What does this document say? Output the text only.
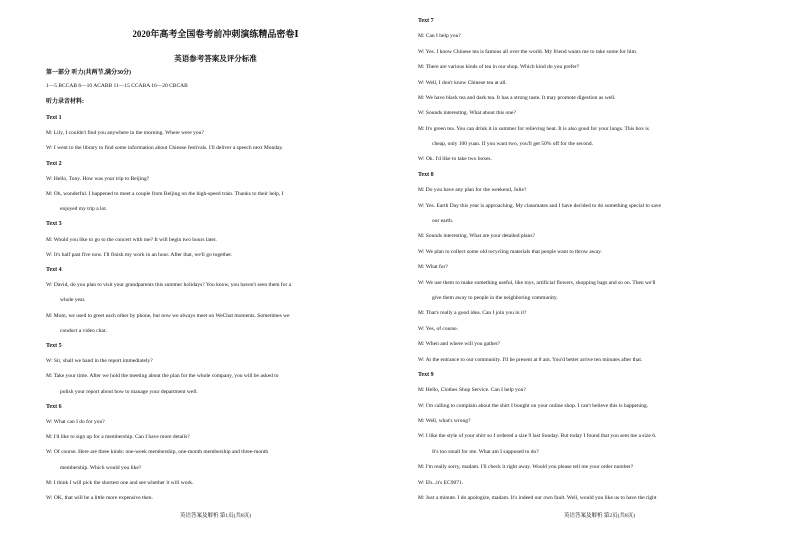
2020年高考全国卷考前冲刺演练精品密卷Ⅰ
英语参考答案及评分标准
第一部分 听力(共两节,满分30分)
1—5 BCCAB 6—10 ACABB 11—15 CCABA 16—20 CBCAB
听力录音材料:
Text 1
M: Lily, I couldn't find you anywhere in the morning. Where were you?
W: I went to the library to find some information about Chinese festivals. I'll deliver a speech next Monday.
Text 2
W: Hello, Tony. How was your trip to Beijing?
M: Oh, wonderful. I happened to meet a couple from Beijing on the high-speed train. Thanks to their help, I
enjoyed my trip a lot.
Text 3
M: Would you like to go to the concert with me? It will begin two hours later.
W: It's half past five now. I'll finish my work in an hour. After that, we'll go together.
Text 4
W: David, do you plan to visit your grandparents this summer holidays? You know, you haven't seen them for a
whole year.
M: Mom, we used to greet each other by phone, but now we always meet on WeChat moments. Sometimes we
conduct a video chat.
Text 5
W: Sir, shall we hand in the report immediately?
M: Take your time. After we hold the meeting about the plan for the whole company, you will be asked to
polish your report about how to manage your department well.
Text 6
W: What can I do for you?
M: I'd like to sign up for a membership. Can I have more details?
W: Of course. Here are three kinds: one-week membership, one-month membership and three-month
membership. Which would you like?
M: I think I will pick the shortest one and see whether it will work.
W: OK, that will be a little more expensive then.
英语答案及解析 第1页(共8页)
Text 7
M: Can I help you?
W: Yes. I know Chinese tea is famous all over the world. My friend wants me to take some for him.
M: There are various kinds of tea in our shop. Which kind do you prefer?
W: Well, I don't know Chinese tea at all.
M: We have black tea and dark tea. It has a strong taste. It may promote digestion as well.
W: Sounds interesting. What about this one?
M: It's green tea. You can drink it in summer for relieving heat. It is also good for your lungs. This box is
cheap, only 100 yuan. If you want two, you'll get 50% off for the second.
W: Ok. I'd like to take two boxes.
Text 8
M: Do you have any plan for the weekend, Julie?
W: Yes. Earth Day this year is approaching. My classmates and I have decided to do something special to save
our earth.
M: Sounds interesting. What are your detailed plans?
W: We plan to collect some old recycling materials that people want to throw away.
M: What for?
W: We use them to make something useful, like toys, artificial flowers, shopping bags and so on. Then we'll
give them away to people in the neighboring community.
M: That's really a good idea. Can I join you in it?
W: Yes, of course.
M: When and where will you gather?
W: At the entrance to our community. I'll be present at 8 am. You'd better arrive ten minutes after that.
Text 9
M: Hello, Clothes Shop Service. Can I help you?
W: I'm calling to complain about the shirt I bought on your online shop. I can't believe this is happening.
M: Well, what's wrong?
W: I like the style of your shirt so I ordered a size 9 last Sunday. But today I found that you sent me a size 6.
It's too small for me. What am I supposed to do?
M: I'm really sorry, madam. I'll check it right away. Would you please tell me your order number?
W: Eh...it's EC9071.
M: Just a minute. I do apologize, madam. It's indeed our own fault. Well, would you like us to have the right
英语答案及解析 第2页(共8页)
